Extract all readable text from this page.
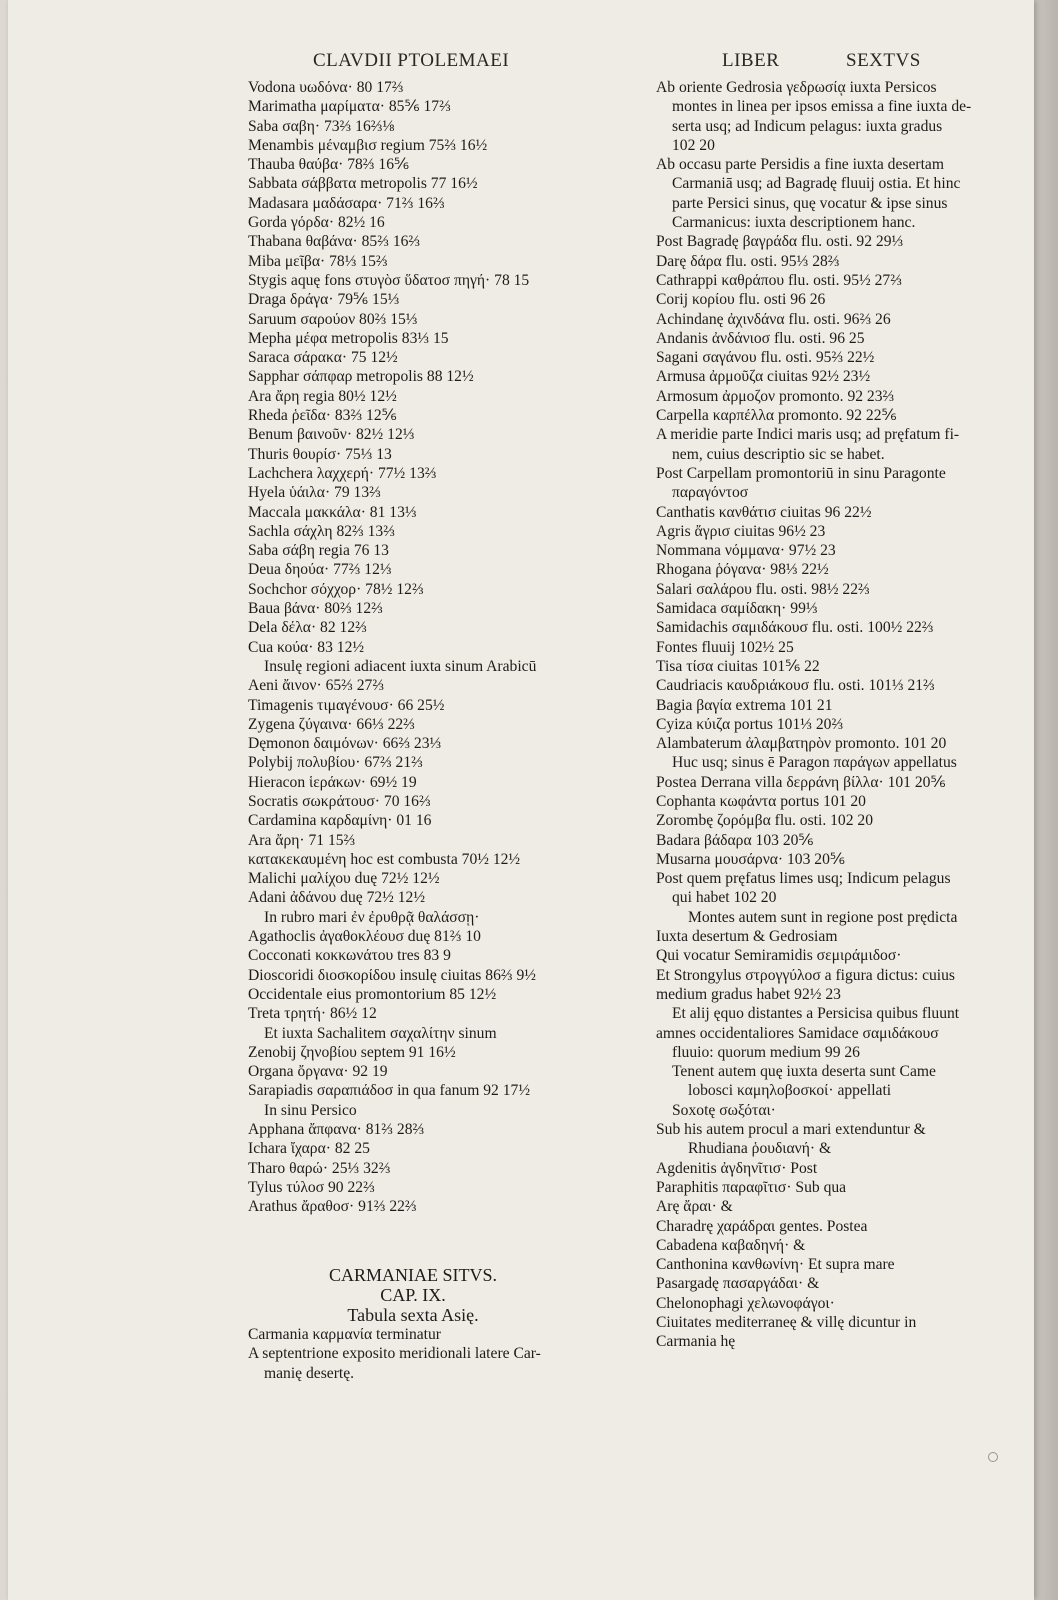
CLAVDII PTOLEMAEI	LIBER	SEXTVS
Vodona υωδόνα· 80 17⅔
Marimatha μαρίματα· 85⅚ 17⅔
Saba σαβη· 73⅔ 16⅔⅛
Menambis μέναμβισ regium 75⅔ 16½
Thauba θαύβα· 78⅔ 16⅚
Sabbata σάββατα metropolis 77 16½
Madasara μαδάσαρα· 71⅔ 16⅔
Gorda γόρδα· 82½ 16
Thabana θαβάνα· 85⅔ 16⅔
Miba μεῖβα· 78⅓ 15⅔
Stygis aquę fons στυγὸσ ὕδατοσ πηγή· 78 15
Draga δράγα· 79⅚ 15⅓
Saruum σαρούον 80⅔ 15⅓
Mepha μέφα metropolis 83⅓ 15
Saraca σάρακα· 75 12½
Sapphar σάπφαρ metropolis 88 12½
Ara ἄρη regia 80½ 12½
Rheda ῥεῖδα· 83⅔ 12⅚
Benum βαινοῦν· 82½ 12⅓
Thuris θουρίσ· 75⅓ 13
Lachchera λαχχερή· 77½ 13⅔
Hyela ὑάιλα· 79 13⅔
Maccala μακκάλα· 81 13⅓
Sachla σάχλη 82⅔ 13⅔
Saba σάβη regia 76 13
Deua δηούα· 77⅔ 12⅓
Sochchor σόχχορ· 78½ 12⅔
Baua βάνα· 80⅔ 12⅔
Dela δέλα· 82 12⅔
Cua κούα· 83 12½
Insulę regioni adiacent iuxta sinum Arabicū
Aeni ἄινον· 65⅔ 27⅔
Timagenis τιμαγένουσ· 66 25½
Zygena ζύγαινα· 66⅓ 22⅔
Dęmonon δαιμόνων· 66⅔ 23⅓
Polybij πολυβίου· 67⅔ 21⅔
Hieracon ἱεράκων· 69½ 19
Socratis σωκράτουσ· 70 16⅔
Cardamina καρδαμίνη· 01 16
Ara ἄρη· 71 15⅔
κατακεκαυμένη hoc est combusta 70½ 12½
Malichi μαλίχου duę 72½ 12½
Adani ἀδάνου duę 72½ 12½
In rubro mari ἐν ἐρυθρᾷ θαλάσσῃ·
Agathoclis ἀγαθοκλέουσ duę 81⅔ 10
Cocconati κοκκωνάτου tres 83 9
Dioscoridi διοσκορίδου insulę ciuitas 86⅔ 9½
Occidentale eius promontorium 85 12½
Treta τρητή· 86½ 12
Et iuxta Sachalitem σαχαλίτην sinum
Zenobij ζηνοβίου septem 91 16½
Organa ὄργανα· 92 19
Sarapiadis σαραπιάδοσ in qua fanum 92 17½
In sinu Persico
Apphana ἄπφανα· 81⅔ 28⅔
Ichara ἴχαρα· 82 25
Tharo θαρώ· 25⅓ 32⅔
Tylus τύλοσ 90 22⅔
Arathus ἄραθοσ· 91⅔ 22⅔
CARMANIAE SITVS.
CAP. IX.
Tabula sexta Asię.
Carmania καρμανία terminatur
A septentrione exposito meridionali latere Car-
manię desertę.
Ab oriente Gedrosia γεδρωσίᾳ iuxta Persicos
montes in linea per ipsos emissa a fine iuxta de-
serta usq; ad Indicum pelagus: iuxta gradus
102 20
Ab occasu parte Persidis a fine iuxta desertam
Carmaniā usq; ad Bagradę fluuij ostia. Et hinc
parte Persici sinus, quę vocatur & ipse sinus
Carmanicus: iuxta descriptionem hanc.
Post Bagradę βαγράδα flu. osti. 92 29⅓
Darę δάρα flu. osti. 95⅓ 28⅔
Cathrappi καθράπου flu. osti. 95½ 27⅔
Corij κορίου flu. osti 96 26
Achindanę ἀχινδάνα flu. osti. 96⅔ 26
Andanis ἀνδάνιοσ flu. osti. 96 25
Sagani σαγάνου flu. osti. 95⅔ 22½
Armusa ἀρμοῦζα ciuitas 92½ 23½
Armosum ἀρμοζον promonto. 92 23⅔
Carpella καρπέλλα promonto. 92 22⅚
A meridie parte Indici maris usq; ad pręfatum fi-
nem, cuius descriptio sic se habet.
Post Carpellam promontoriū in sinu Paragonte
παραγόντοσ
Canthatis κανθάτισ ciuitas 96 22½
Agris ἄγρισ ciuitas 96½ 23
Nommana νόμμανα· 97½ 23
Rhogana ῥόγανα· 98⅓ 22½
Salari σαλάρου flu. osti. 98½ 22⅔
Samidaca σαμίδακη· 99⅓
Samidachis σαμιδάκουσ flu. osti. 100½ 22⅔
Fontes fluuij 102½ 25
Tisa τίσα ciuitas 101⅚ 22
Caudriacis καυδριάκουσ flu. osti. 101⅓ 21⅔
Bagia βαγία extrema 101 21
Cyiza κύιζα portus 101⅓ 20⅔
Alambaterum ἀλαμβατηρὸν promonto. 101 20
Huc usq; sinus ē Paragon παράγων appellatus
Postea Derrana villa δερράνη βίλλα· 101 20⅚
Cophanta κωφάντα portus 101 20
Zorombę ζορόμβα flu. osti. 102 20
Badara βάδαρα 103 20⅚
Musarna μουσάρνα· 103 20⅚
Post quem pręfatus limes usq; Indicum pelagus
qui habet 102 20
Montes autem sunt in regione post prędicta
Iuxta desertum & Gedrosiam
Qui vocatur Semiramidis σεμιράμιδοσ·
Et Strongylus στρογγύλοσ a figura dictus: cuius
medium gradus habet 92½ 23
Et alij ęquo distantes a Persicisa quibus fluunt
amnes occidentaliores Samidace σαμιδάκουσ
fluuio: quorum medium 99 26
Tenent autem quę iuxta deserta sunt Came
lobosci καμηλοβοσκοί· appellati
Soxotę σωξόται·
Sub his autem procul a mari extenduntur &
Rhudiana ῥουδιανή· &
Agdenitis ἀγδηνῖτισ· Post
Paraphitis παραφῖτισ· Sub qua
Arę ἄραι· &
Charadrę χαράδραι gentes. Postea
Cabadena καβαδηνή· &
Canthonina κανθωνίνη· Et supra mare
Pasargadę πασαργάδαι· &
Chelonophagi χελωνοφάγοι·
Ciuitates mediterraneę & villę dicuntur in
Carmania hę
